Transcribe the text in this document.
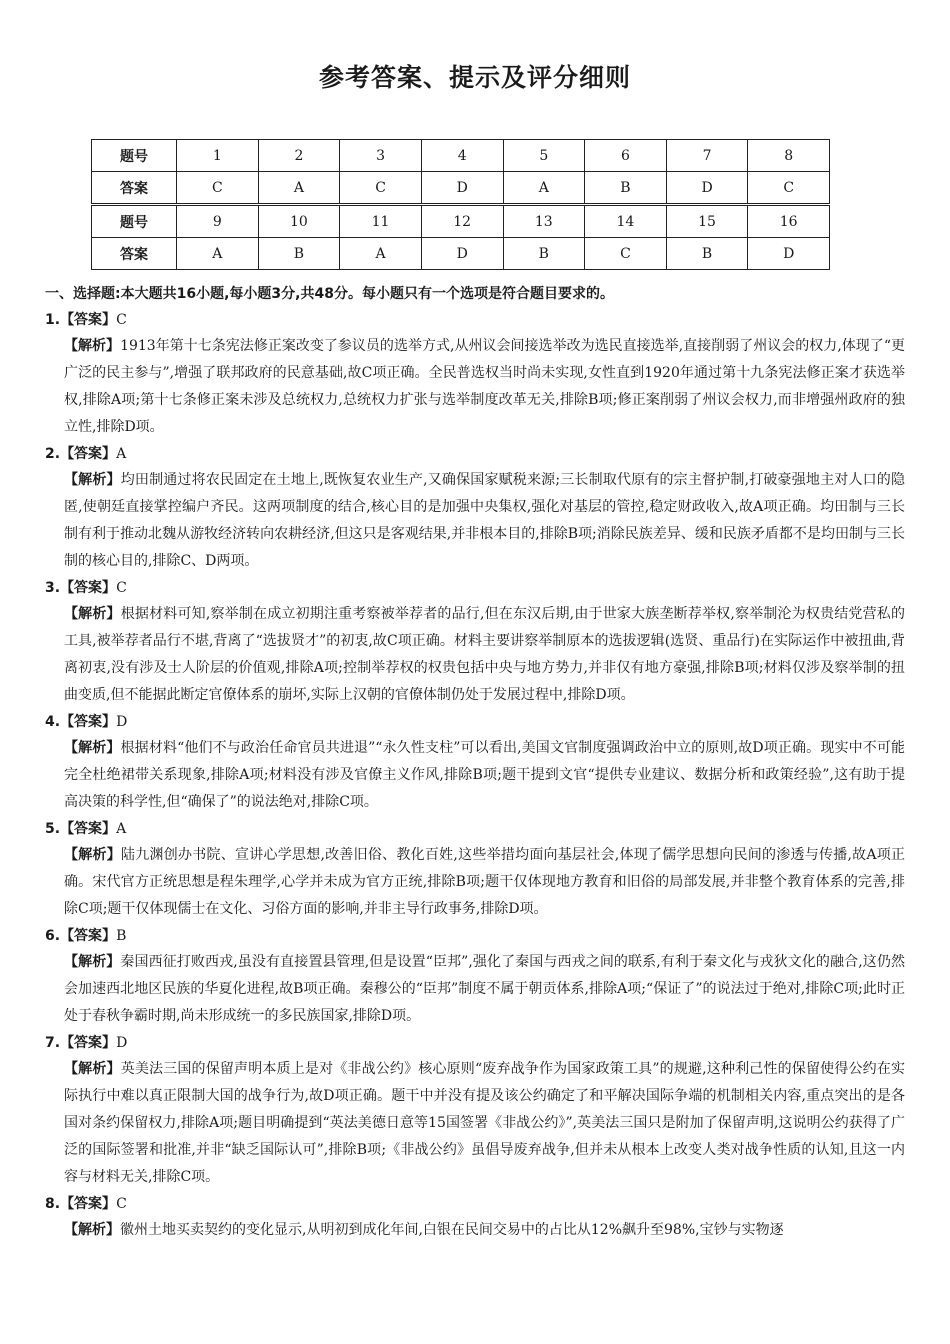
参考答案、提示及评分细则
题号	1	2	3	4	5	6	7	8
答案	C	A	C	D	A	B	D	C
题号	9	10	11	12	13	14	15	16
答案	A	B	A	D	B	C	B	D
一、选择题:本大题共16小题,每小题3分,共48分。每小题只有一个选项是符合题目要求的。
1.【答案】C
【解析】1913年第十七条宪法修正案改变了参议员的选举方式,从州议会间接选举改为选民直接选举,直接削弱了州议会的权力,体现了“更广泛的民主参与”,增强了联邦政府的民意基础,故C项正确。全民普选权当时尚未实现,女性直到1920年通过第十九条宪法修正案才获选举权,排除A项;第十七条修正案未涉及总统权力,总统权力扩张与选举制度改革无关,排除B项;修正案削弱了州议会权力,而非增强州政府的独立性,排除D项。
2.【答案】A
【解析】均田制通过将农民固定在土地上,既恢复农业生产,又确保国家赋税来源;三长制取代原有的宗主督护制,打破豪强地主对人口的隐匿,使朝廷直接掌控编户齐民。这两项制度的结合,核心目的是加强中央集权,强化对基层的管控,稳定财政收入,故A项正确。均田制与三长制有利于推动北魏从游牧经济转向农耕经济,但这只是客观结果,并非根本目的,排除B项;消除民族差异、缓和民族矛盾都不是均田制与三长制的核心目的,排除C、D两项。
3.【答案】C
【解析】根据材料可知,察举制在成立初期注重考察被举荐者的品行,但在东汉后期,由于世家大族垄断荐举权,察举制沦为权贵结党营私的工具,被举荐者品行不堪,背离了“选拔贤才”的初衷,故C项正确。材料主要讲察举制原本的选拔逻辑(选贤、重品行)在实际运作中被扭曲,背离初衷,没有涉及士人阶层的价值观,排除A项;控制举荐权的权贵包括中央与地方势力,并非仅有地方豪强,排除B项;材料仅涉及察举制的扭曲变质,但不能据此断定官僚体系的崩坏,实际上汉朝的官僚体制仍处于发展过程中,排除D项。
4.【答案】D
【解析】根据材料“他们不与政治任命官员共进退”“永久性支柱”可以看出,美国文官制度强调政治中立的原则,故D项正确。现实中不可能完全杜绝裙带关系现象,排除A项;材料没有涉及官僚主义作风,排除B项;题干提到文官“提供专业建议、数据分析和政策经验”,这有助于提高决策的科学性,但“确保了”的说法绝对,排除C项。
5.【答案】A
【解析】陆九渊创办书院、宣讲心学思想,改善旧俗、教化百姓,这些举措均面向基层社会,体现了儒学思想向民间的渗透与传播,故A项正确。宋代官方正统思想是程朱理学,心学并未成为官方正统,排除B项;题干仅体现地方教育和旧俗的局部发展,并非整个教育体系的完善,排除C项;题干仅体现儒士在文化、习俗方面的影响,并非主导行政事务,排除D项。
6.【答案】B
【解析】秦国西征打败西戎,虽没有直接置县管理,但是设置“臣邦”,强化了秦国与西戎之间的联系,有利于秦文化与戎狄文化的融合,这仍然会加速西北地区民族的华夏化进程,故B项正确。秦穆公的“臣邦”制度不属于朝贡体系,排除A项;“保证了”的说法过于绝对,排除C项;此时正处于春秋争霸时期,尚未形成统一的多民族国家,排除D项。
7.【答案】D
【解析】英美法三国的保留声明本质上是对《非战公约》核心原则“废弃战争作为国家政策工具”的规避,这种利己性的保留使得公约在实际执行中难以真正限制大国的战争行为,故D项正确。题干中并没有提及该公约确定了和平解决国际争端的机制相关内容,重点突出的是各国对条约保留权力,排除A项;题目明确提到“英法美德日意等15国签署《非战公约》”,英美法三国只是附加了保留声明,这说明公约获得了广泛的国际签署和批准,并非“缺乏国际认可”,排除B项;《非战公约》虽倡导废弃战争,但并未从根本上改变人类对战争性质的认知,且这一内容与材料无关,排除C项。
8.【答案】C
【解析】徽州土地买卖契约的变化显示,从明初到成化年间,白银在民间交易中的占比从12%飙升至98%,宝钞与实物逐
